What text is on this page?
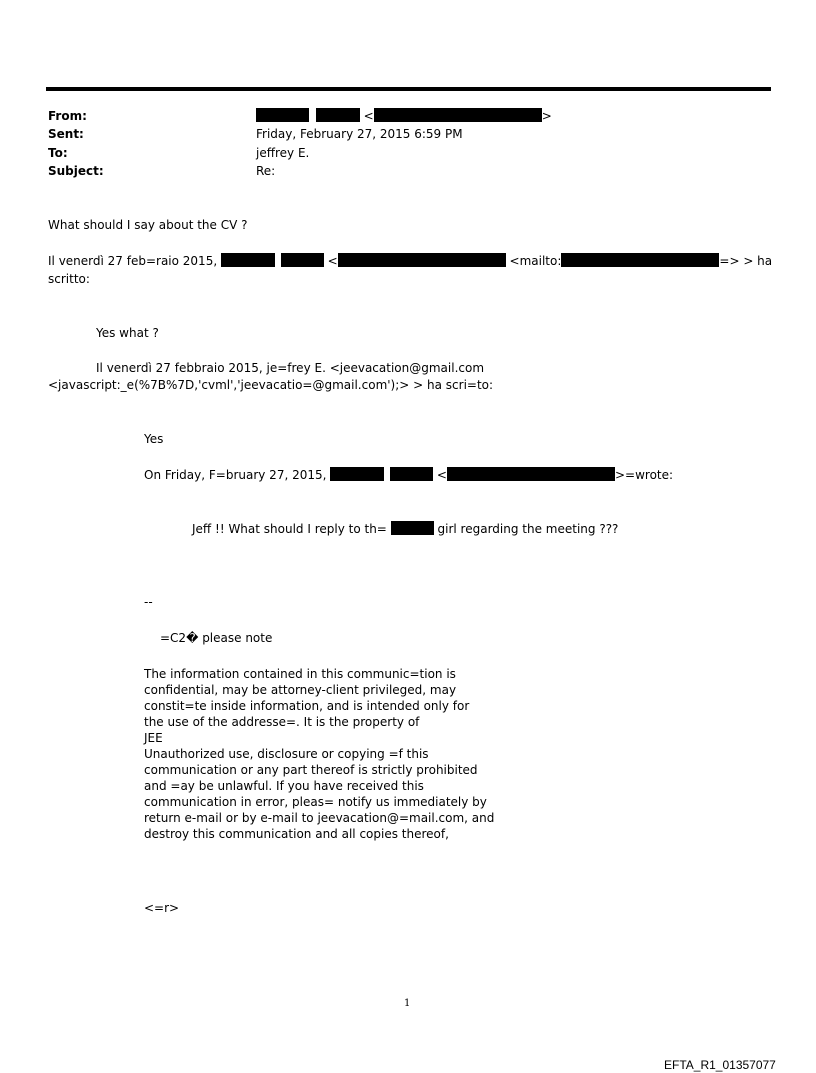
From:	<	>
Sent:	Friday, February 27, 2015 6:59 PM
To:	jeffrey E.
Subject:	Re:
What should I say about the CV ?
Il venerdì 27 feb=raio 2015,	<	<mailto:	=> > ha
scritto:
Yes what ?
Il venerdì 27 febbraio 2015, je=frey E. <jeevacation@gmail.com
<javascript:_e(%7B%7D,'cvml','jeevacatio=@gmail.com');> > ha scri=to:
Yes
On Friday, F=bruary 27, 2015,	<	>=wrote:
Jeff !! What should I reply to th=	girl regarding the meeting ???
--
=C2� please note
The information contained in this communic=tion is
confidential, may be attorney-client privileged, may
constit=te inside information, and is intended only for
the use of the addresse=. It is the property of
JEE
Unauthorized use, disclosure or copying =f this
communication or any part thereof is strictly prohibited
and =ay be unlawful. If you have received this
communication in error, pleas= notify us immediately by
return e-mail or by e-mail to jeevacation@=mail.com, and
destroy this communication and all copies thereof,
<=r>
1
EFTA_R1_01357077
